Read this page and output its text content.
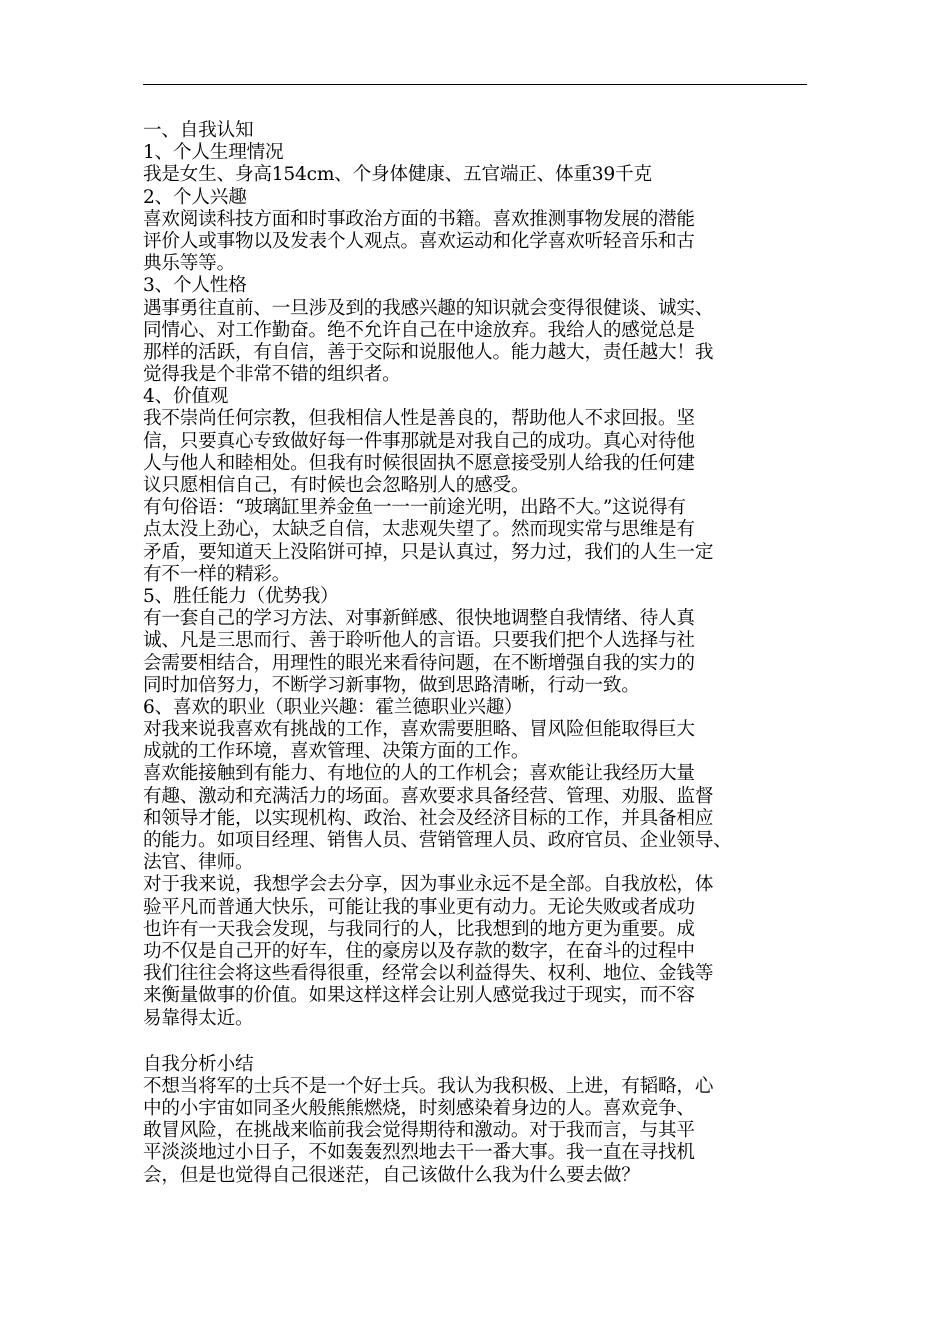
一、自我认知
1、个人生理情况
我是女生、身高154cm、个身体健康、五官端正、体重39千克
2、个人兴趣
喜欢阅读科技方面和时事政治方面的书籍。喜欢推测事物发展的潜能
评价人或事物以及发表个人观点。喜欢运动和化学喜欢听轻音乐和古
典乐等等。
3、个人性格
遇事勇往直前、一旦涉及到的我感兴趣的知识就会变得很健谈、诚实、
同情心、对工作勤奋。绝不允许自己在中途放弃。我给人的感觉总是
那样的活跃，有自信，善于交际和说服他人。能力越大，责任越大！我
觉得我是个非常不错的组织者。
4、价值观
我不崇尚任何宗教，但我相信人性是善良的，帮助他人不求回报。坚
信，只要真心专致做好每一件事那就是对我自己的成功。真心对待他
人与他人和睦相处。但我有时候很固执不愿意接受别人给我的任何建
议只愿相信自己，有时候也会忽略别人的感受。
有句俗语：“玻璃缸里养金鱼一一一前途光明，出路不大。”这说得有
点太没上劲心，太缺乏自信，太悲观失望了。然而现实常与思维是有
矛盾，要知道天上没陷饼可掉，只是认真过，努力过，我们的人生一定
有不一样的精彩。
5、胜任能力（优势我）
有一套自己的学习方法、对事新鲜感、很快地调整自我情绪、待人真
诚、凡是三思而行、善于聆听他人的言语。只要我们把个人选择与社
会需要相结合，用理性的眼光来看待问题，在不断增强自我的实力的
同时加倍努力，不断学习新事物，做到思路清晰，行动一致。
6、喜欢的职业（职业兴趣：霍兰德职业兴趣）
对我来说我喜欢有挑战的工作，喜欢需要胆略、冒风险但能取得巨大
成就的工作环境，喜欢管理、决策方面的工作。
喜欢能接触到有能力、有地位的人的工作机会；喜欢能让我经历大量
有趣、激动和充满活力的场面。喜欢要求具备经营、管理、劝服、监督
和领导才能，以实现机构、政治、社会及经济目标的工作，并具备相应
的能力。如项目经理、销售人员、营销管理人员、政府官员、企业领导、
法官、律师。
对于我来说，我想学会去分享，因为事业永远不是全部。自我放松，体
验平凡而普通大快乐，可能让我的事业更有动力。无论失败或者成功
也许有一天我会发现，与我同行的人，比我想到的地方更为重要。成
功不仅是自己开的好车，住的豪房以及存款的数字，在奋斗的过程中
我们往往会将这些看得很重，经常会以利益得失、权利、地位、金钱等
来衡量做事的价值。如果这样这样会让别人感觉我过于现实，而不容
易靠得太近。
自我分析小结
不想当将军的士兵不是一个好士兵。我认为我积极、上进，有韬略，心
中的小宇宙如同圣火般熊熊燃烧，时刻感染着身边的人。喜欢竞争、
敢冒风险，在挑战来临前我会觉得期待和激动。对于我而言，与其平
平淡淡地过小日子，不如轰轰烈烈地去干一番大事。我一直在寻找机
会，但是也觉得自己很迷茫，自己该做什么我为什么要去做？
